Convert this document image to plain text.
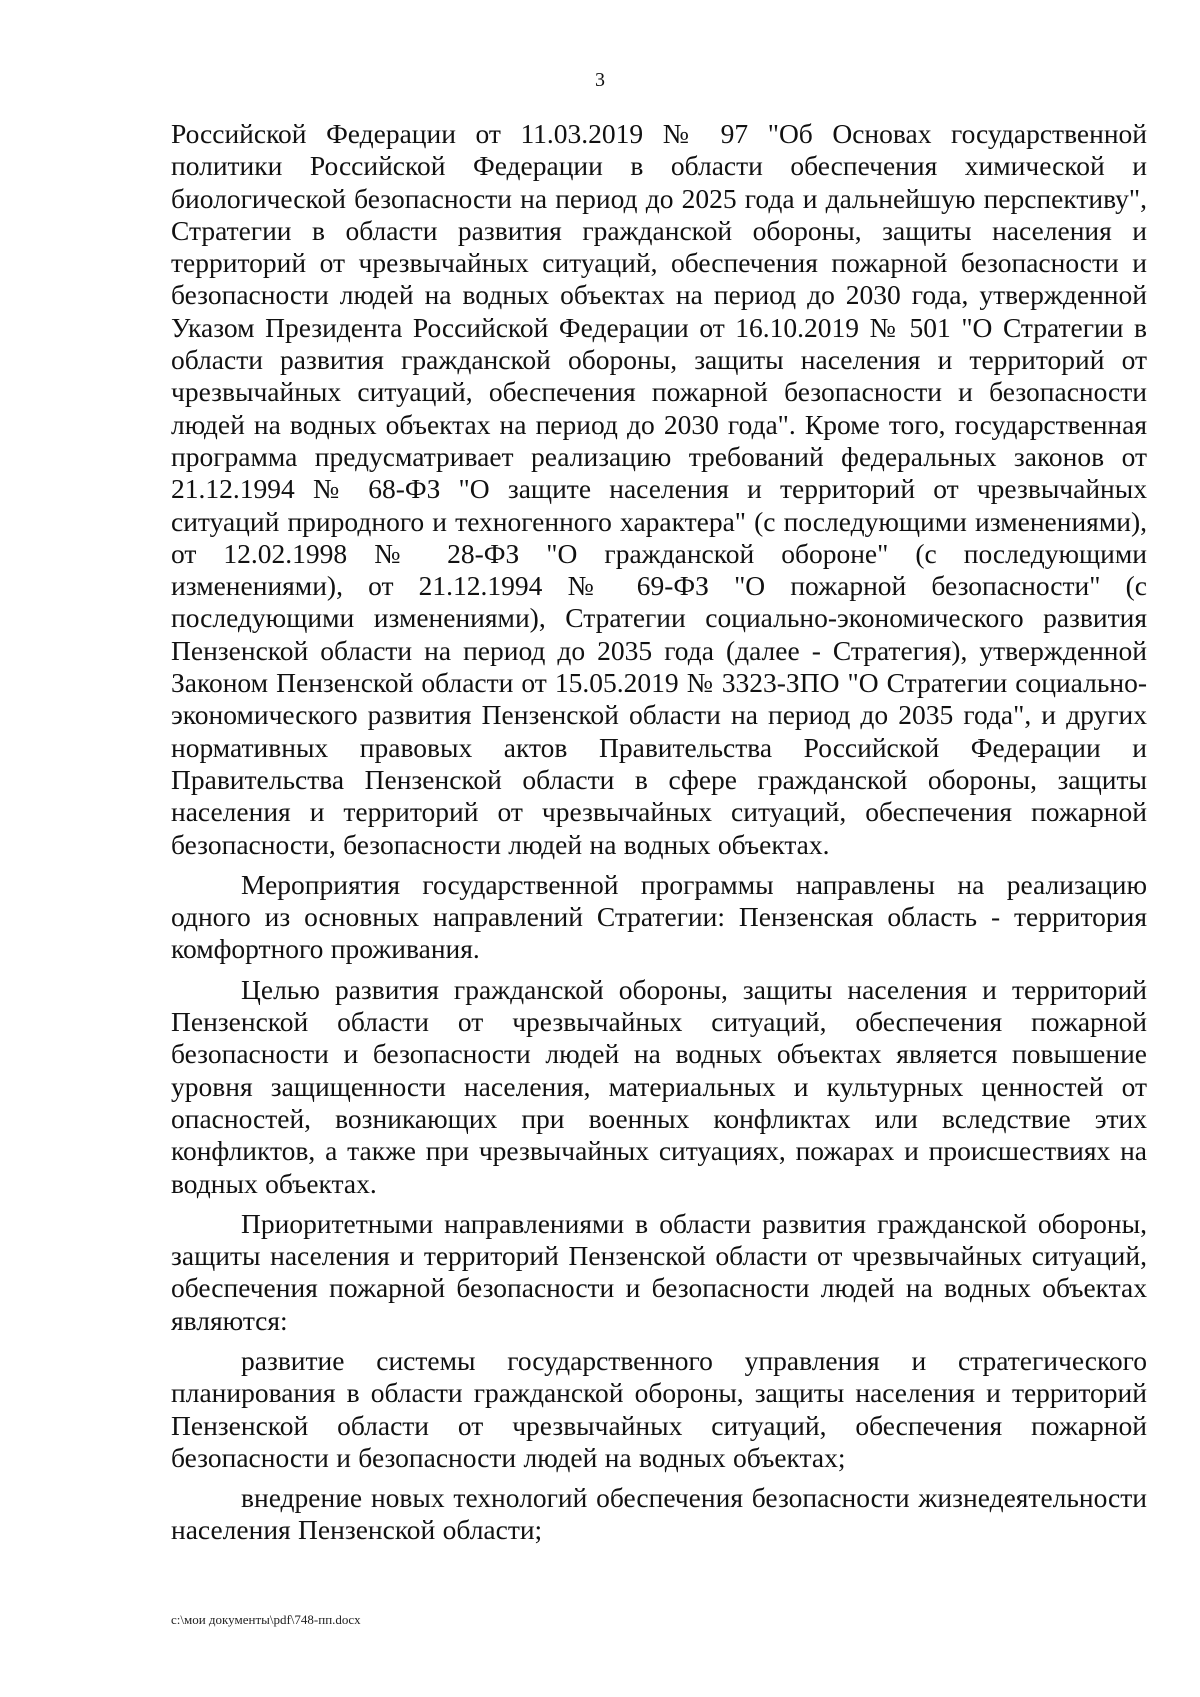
3

Российской Федерации от 11.03.2019 № 97 "Об Основах государственной политики Российской Федерации в области обеспечения химической и биологической безопасности на период до 2025 года и дальнейшую перспективу", Стратегии в области развития гражданской обороны, защиты населения и территорий от чрезвычайных ситуаций, обеспечения пожарной безопасности и безопасности людей на водных объектах на период до 2030 года, утвержденной Указом Президента Российской Федерации от 16.10.2019 № 501 "О Стратегии в области развития гражданской обороны, защиты населения и территорий от чрезвычайных ситуаций, обеспечения пожарной безопасности и безопасности людей на водных объектах на период до 2030 года". Кроме того, государственная программа предусматривает реализацию требований федеральных законов от 21.12.1994 № 68-ФЗ "О защите населения и территорий от чрезвычайных ситуаций природного и техногенного характера" (с последующими изменениями), от 12.02.1998 № 28-ФЗ "О гражданской обороне" (с последующими изменениями), от 21.12.1994 № 69-ФЗ "О пожарной безопасности" (с последующими изменениями), Стратегии социально-экономического развития Пензенской области на период до 2035 года (далее - Стратегия), утвержденной Законом Пензенской области от 15.05.2019 № 3323-ЗПО "О Стратегии социально-экономического развития Пензенской области на период до 2035 года", и других нормативных правовых актов Правительства Российской Федерации и Правительства Пензенской области в сфере гражданской обороны, защиты населения и территорий от чрезвычайных ситуаций, обеспечения пожарной безопасности, безопасности людей на водных объектах.

Мероприятия государственной программы направлены на реализацию одного из основных направлений Стратегии: Пензенская область - территория комфортного проживания.

Целью развития гражданской обороны, защиты населения и территорий Пензенской области от чрезвычайных ситуаций, обеспечения пожарной безопасности и безопасности людей на водных объектах является повышение уровня защищенности населения, материальных и культурных ценностей от опасностей, возникающих при военных конфликтах или вследствие этих конфликтов, а также при чрезвычайных ситуациях, пожарах и происшествиях на водных объектах.

Приоритетными направлениями в области развития гражданской обороны, защиты населения и территорий Пензенской области от чрезвычайных ситуаций, обеспечения пожарной безопасности и безопасности людей на водных объектах являются:

развитие системы государственного управления и стратегического планирования в области гражданской обороны, защиты населения и территорий Пензенской области от чрезвычайных ситуаций, обеспечения пожарной безопасности и безопасности людей на водных объектах;

внедрение новых технологий обеспечения безопасности жизнедеятельности населения Пензенской области;

c:\мои документы\pdf\748-пп.docx
